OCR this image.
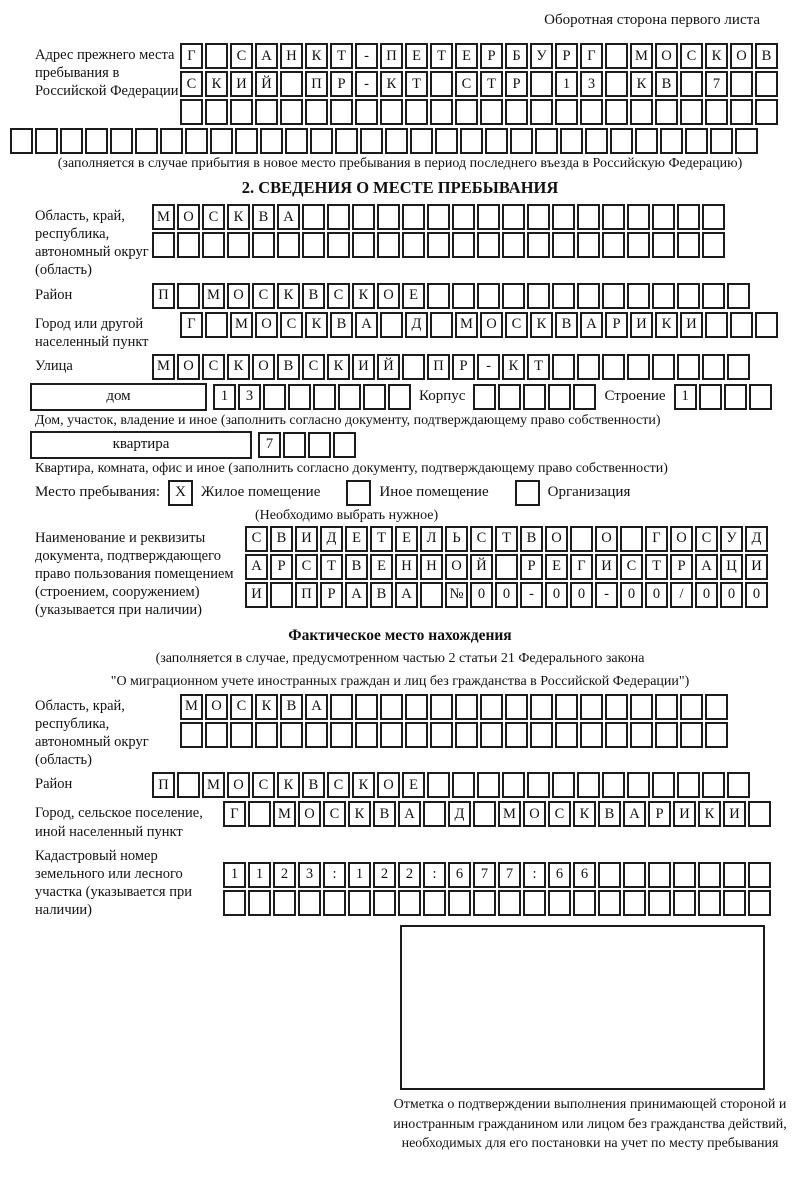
Оборотная сторона первого листа
Адрес прежнего места пребывания в Российской Федерации
Г	С	А	Н	К	Т	-	П	Е	Т	Е	Р	Б	У	Р	Г	М О	С	К	О	В
С	К	И	Й	П	Р	-	К	Т	С	Т	Р	1	3	К	В	7
(заполняется в случае прибытия в новое место пребывания в период последнего въезда в Российскую Федерацию)
2. СВЕДЕНИЯ О МЕСТЕ ПРЕБЫВАНИЯ
Область, край, республика, автономный округ (область)
М О	С	К	В	А
Район	П	М О	С	К	В	С	К	О	Е
Город или другой населенный пункт
Г	М О	С	К	В	А	Д	М О	С	К	В	А	Р	И	К	И
Улица	М О	С	К	О	В	С	К	И	Й	П	Р	-	К	Т
дом	1	3	Корпус	Строение	1
Дом, участок, владение и иное (заполнить согласно документу, подтверждающему право собственности)
квартира	7
Квартира, комната, офис и иное (заполнить согласно документу, подтверждающему право собственности)
Место пребывания:	X	Жилое помещение	Иное помещение	Организация
(Необходимо выбрать нужное)
Наименование и реквизиты документа, подтверждающего право пользования помещением (строением, сооружением) (указывается при наличии)
С	В	И	Д	Е	Т	Е	Л	Ь	С	Т	В	О	О	Г	О	С	У	Д
А	Р	С	Т	В	Е	Н	Н	О	Й	Р	Е	Г	И	С	Т	Р	А	Ц	И
И	П	Р	А	В	А	№ 0	0	-	0	0	-	0	0	/	0	0	0
Фактическое место нахождения
(заполняется в случае, предусмотренном частью 2 статьи 21 Федерального закона
"О миграционном учете иностранных граждан и лиц без гражданства в Российской Федерации")
Область, край, республика, автономный округ (область)
М О	С	К	В	А
Район	П	М О	С	К	В	С	К	О	Е
Город, сельское поселение, иной населенный пункт
Г	М О	С	К	В	А	Д	М О	С	К	В	А	Р	И	К	И
Кадастровый номер земельного или лесного участка (указывается при наличии)
1	1	2	3	:	1	2	2	:	6	7	7	:	6	6
Отметка о подтверждении выполнения принимающей стороной и иностранным гражданином или лицом без гражданства действий, необходимых для его постановки на учет по месту пребывания
